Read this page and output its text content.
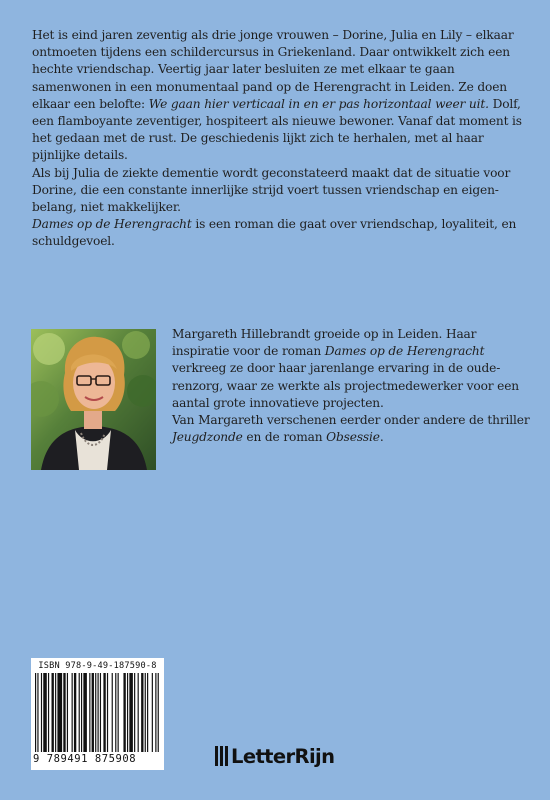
Het is eind jaren zeventig als drie jonge vrouwen – Dorine, Julia en Lily – elkaar ontmoeten tijdens een schildercursus in Griekenland. Daar ontwikkelt zich een hechte vriendschap. Veertig jaar later besluiten ze met elkaar te gaan samenwonen in een monumentaal pand op de Herengracht in Leiden. Ze doen elkaar een belofte: We gaan hier verticaal in en er pas horizontaal weer uit. Dolf, een flamboyante zeventiger, hospiteert als nieuwe bewoner. Vanaf dat moment is het gedaan met de rust. De geschiedenis lijkt zich te herhalen, met al haar pijnlijke details.

Als bij Julia de ziekte dementie wordt geconstateerd maakt dat de situatie voor Dorine, die een constante innerlijke strijd voert tussen vriendschap en eigenbelang, niet makkelijker.

Dames op de Herengracht is een roman die gaat over vriendschap, loyaliteit, en schuldgevoel.

Margareth Hillebrandt groeide op in Leiden. Haar inspiratie voor de roman Dames op de Herengracht verkreeg ze door haar jarenlange ervaring in de ouderenzorg, waar ze werkte als projectmedewerker voor een aantal grote innovatieve projecten.

Van Margareth verschenen eerder onder andere de thriller Jeugdzonde en de roman Obsessie.

ISBN 978-9-49-187590-8
9 789491 875908	LetterRijn
